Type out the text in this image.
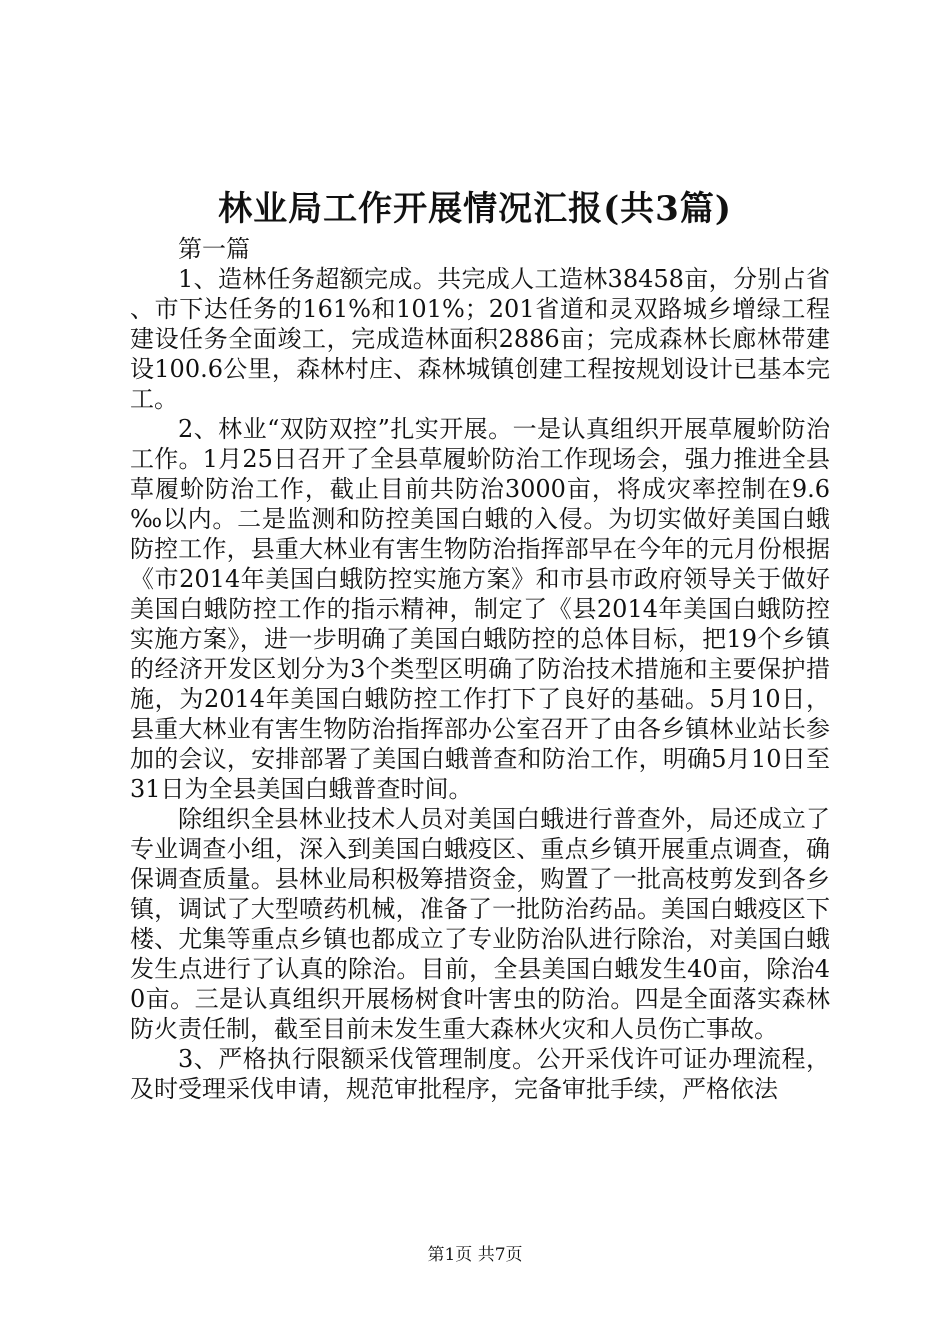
林业局工作开展情况汇报(共3篇)

第一篇

1、造林任务超额完成。共完成人工造林38458亩，分别占省、市下达任务的161%和101%；201省道和灵双路城乡增绿工程建设任务全面竣工，完成造林面积2886亩；完成森林长廊林带建设100.6公里，森林村庄、森林城镇创建工程按规划设计已基本完工。

2、林业“双防双控”扎实开展。一是认真组织开展草履蚧防治工作。1月25日召开了全县草履蚧防治工作现场会，强力推进全县草履蚧防治工作，截止目前共防治3000亩，将成灾率控制在9.6‰以内。二是监测和防控美国白蛾的入侵。为切实做好美国白蛾防控工作，县重大林业有害生物防治指挥部早在今年的元月份根据《市2014年美国白蛾防控实施方案》和市县市政府领导关于做好美国白蛾防控工作的指示精神，制定了《县2014年美国白蛾防控实施方案》，进一步明确了美国白蛾防控的总体目标，把19个乡镇的经济开发区划分为3个类型区明确了防治技术措施和主要保护措施，为2014年美国白蛾防控工作打下了良好的基础。5月10日，县重大林业有害生物防治指挥部办公室召开了由各乡镇林业站长参加的会议，安排部署了美国白蛾普查和防治工作，明确5月10日至31日为全县美国白蛾普查时间。

除组织全县林业技术人员对美国白蛾进行普查外，局还成立了专业调查小组，深入到美国白蛾疫区、重点乡镇开展重点调查，确保调查质量。县林业局积极筹措资金，购置了一批高枝剪发到各乡镇，调试了大型喷药机械，准备了一批防治药品。美国白蛾疫区下楼、尤集等重点乡镇也都成立了专业防治队进行除治，对美国白蛾发生点进行了认真的除治。目前，全县美国白蛾发生40亩，除治40亩。三是认真组织开展杨树食叶害虫的防治。四是全面落实森林防火责任制，截至目前未发生重大森林火灾和人员伤亡事故。

3、严格执行限额采伐管理制度。公开采伐许可证办理流程，及时受理采伐申请，规范审批程序，完备审批手续，严格依法

第1页 共7页
